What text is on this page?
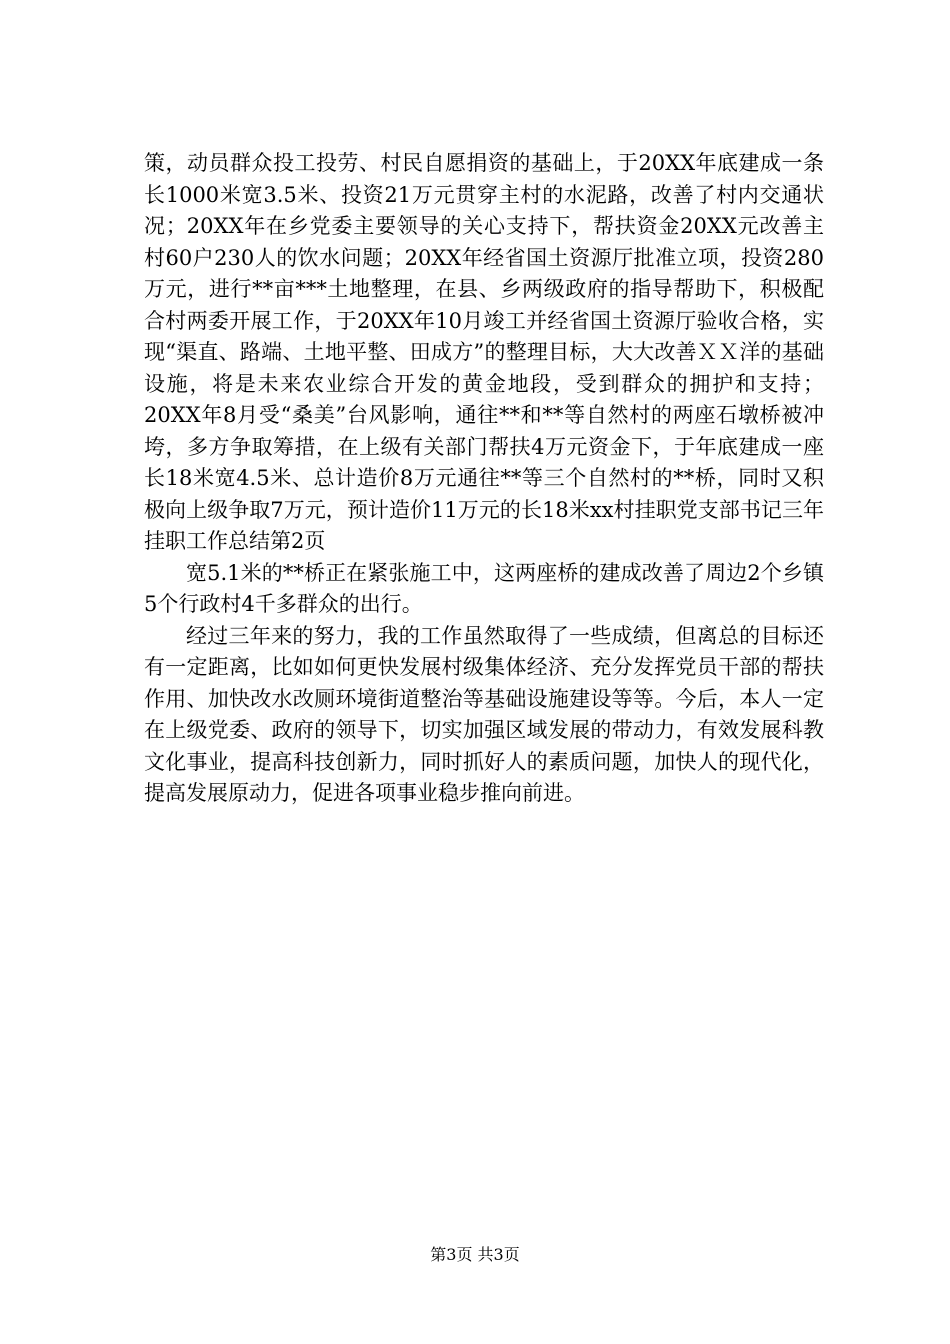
策，动员群众投工投劳、村民自愿捐资的基础上，于20XX年底建成一条长1000米宽3.5米、投资21万元贯穿主村的水泥路，改善了村内交通状况；20XX年在乡党委主要领导的关心支持下，帮扶资金20XX元改善主村60户230人的饮水问题；20XX年经省国土资源厅批准立项，投资280万元，进行**亩***土地整理，在县、乡两级政府的指导帮助下，积极配合村两委开展工作，于20XX年10月竣工并经省国土资源厅验收合格，实现“渠直、路端、土地平整、田成方”的整理目标，大大改善ＸＸ洋的基础设施，将是未来农业综合开发的黄金地段，受到群众的拥护和支持；20XX年8月受“桑美”台风影响，通往**和**等自然村的两座石墩桥被冲垮，多方争取筹措，在上级有关部门帮扶4万元资金下，于年底建成一座长18米宽4.5米、总计造价8万元通往**等三个自然村的**桥，同时又积极向上级争取7万元，预计造价11万元的长18米xx村挂职党支部书记三年挂职工作总结第2页

宽5.1米的**桥正在紧张施工中，这两座桥的建成改善了周边2个乡镇5个行政村4千多群众的出行。

经过三年来的努力，我的工作虽然取得了一些成绩，但离总的目标还有一定距离，比如如何更快发展村级集体经济、充分发挥党员干部的帮扶作用、加快改水改厕环境街道整治等基础设施建设等等。今后，本人一定在上级党委、政府的领导下，切实加强区域发展的带动力，有效发展科教文化事业，提高科技创新力，同时抓好人的素质问题，加快人的现代化，提高发展原动力，促进各项事业稳步推向前进。

第3页 共3页
